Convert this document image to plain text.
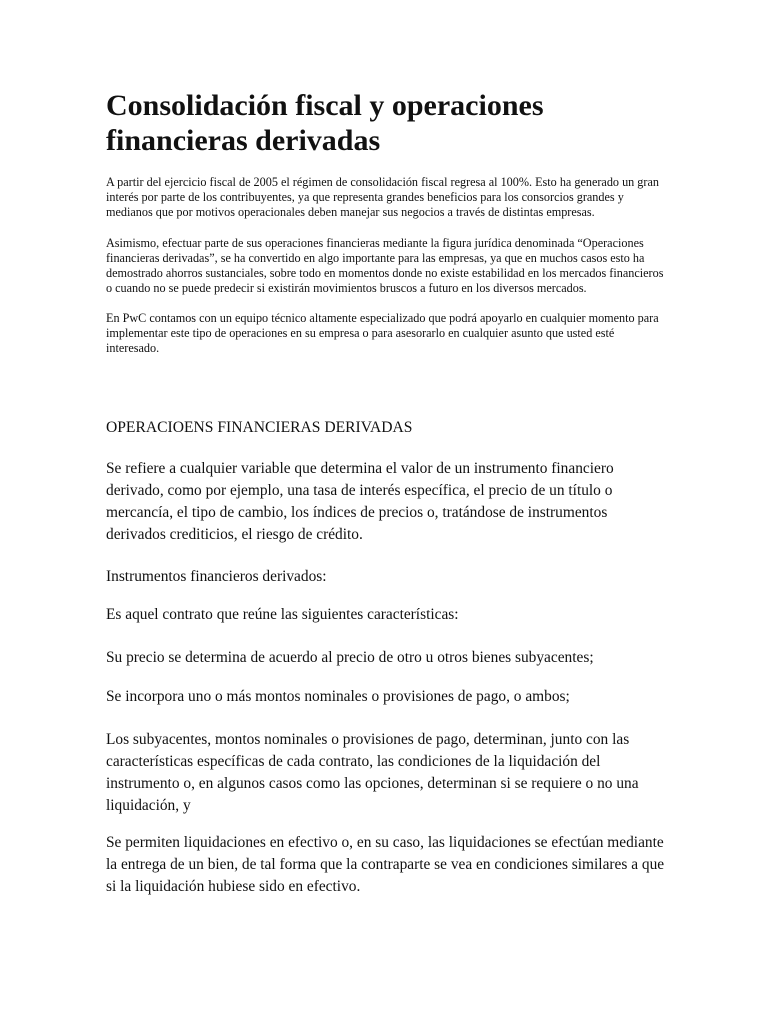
Consolidación fiscal y operaciones financieras derivadas

A partir del ejercicio fiscal de 2005 el régimen de consolidación fiscal regresa al 100%. Esto ha generado un gran interés por parte de los contribuyentes, ya que representa grandes beneficios para los consorcios grandes y medianos que por motivos operacionales deben manejar sus negocios a través de distintas empresas.

Asimismo, efectuar parte de sus operaciones financieras mediante la figura jurídica denominada “Operaciones financieras derivadas”, se ha convertido en algo importante para las empresas, ya que en muchos casos esto ha demostrado ahorros sustanciales, sobre todo en momentos donde no existe estabilidad en los mercados financieros o cuando no se puede predecir si existirán movimientos bruscos a futuro en los diversos mercados.

En PwC contamos con un equipo técnico altamente especializado que podrá apoyarlo en cualquier momento para implementar este tipo de operaciones en su empresa o para asesorarlo en cualquier asunto que usted esté interesado.

OPERACIOENS FINANCIERAS DERIVADAS

Se refiere a cualquier variable que determina el valor de un instrumento financiero derivado, como por ejemplo, una tasa de interés específica, el precio de un título o mercancía, el tipo de cambio, los índices de precios o, tratándose de instrumentos derivados crediticios, el riesgo de crédito.

Instrumentos financieros derivados:

Es aquel contrato que reúne las siguientes características:

Su precio se determina de acuerdo al precio de otro u otros bienes subyacentes;

Se incorpora uno o más montos nominales o provisiones de pago, o ambos;

Los subyacentes, montos nominales o provisiones de pago, determinan, junto con las características específicas de cada contrato, las condiciones de la liquidación del instrumento o, en algunos casos como las opciones, determinan si se requiere o no una liquidación, y

Se permiten liquidaciones en efectivo o, en su caso, las liquidaciones se efectúan mediante la entrega de un bien, de tal forma que la contraparte se vea en condiciones similares a que si la liquidación hubiese sido en efectivo.
